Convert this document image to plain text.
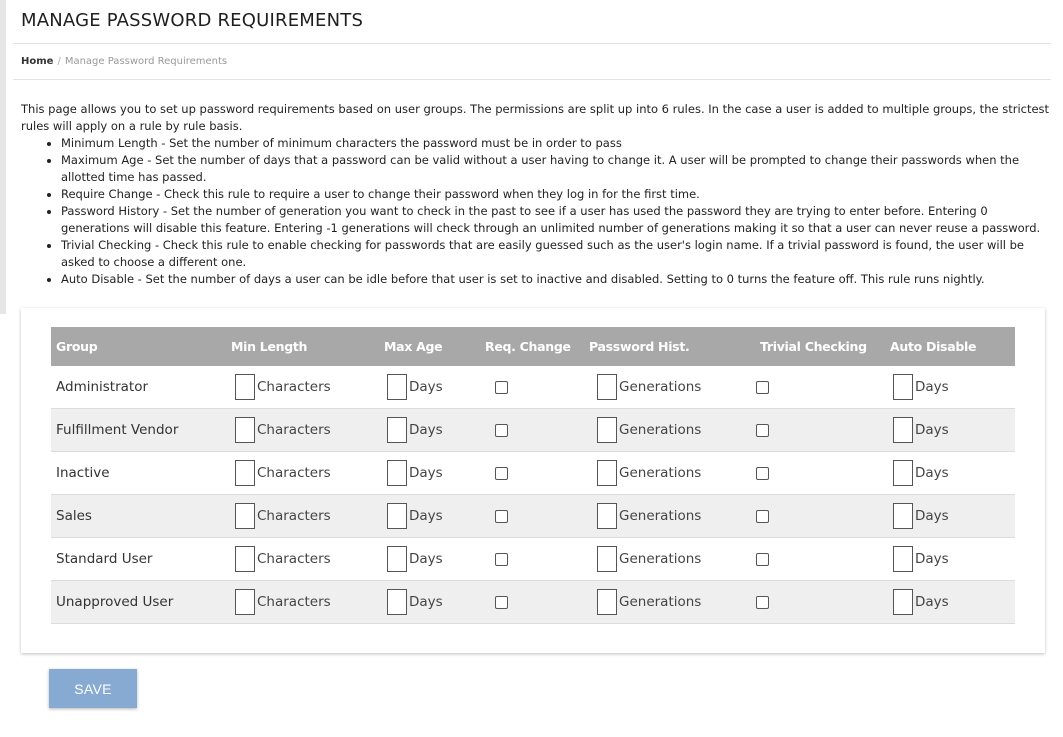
MANAGE PASSWORD REQUIREMENTS
Home / Manage Password Requirements
This page allows you to set up password requirements based on user groups. The permissions are split up into 6 rules. In the case a user is added to multiple groups, the strictest rules will apply on a rule by rule basis.
• Minimum Length - Set the number of minimum characters the password must be in order to pass
• Maximum Age - Set the number of days that a password can be valid without a user having to change it. A user will be prompted to change their passwords when the allotted time has passed.
• Require Change - Check this rule to require a user to change their password when they log in for the first time.
• Password History - Set the number of generation you want to check in the past to see if a user has used the password they are trying to enter before. Entering 0 generations will disable this feature. Entering -1 generations will check through an unlimited number of generations making it so that a user can never reuse a password.
• Trivial Checking - Check this rule to enable checking for passwords that are easily guessed such as the user's login name. If a trivial password is found, the user will be asked to choose a different one.
• Auto Disable - Set the number of days a user can be idle before that user is set to inactive and disabled. Setting to 0 turns the feature off. This rule runs nightly.
Group	Min Length	Max Age	Req. Change	Password Hist.	Trivial Checking	Auto Disable
Administrator	Characters	Days		Generations		Days
Fulfillment Vendor	Characters	Days		Generations		Days
Inactive	Characters	Days		Generations		Days
Sales	Characters	Days		Generations		Days
Standard User	Characters	Days		Generations		Days
Unapproved User	Characters	Days		Generations		Days
SAVE
